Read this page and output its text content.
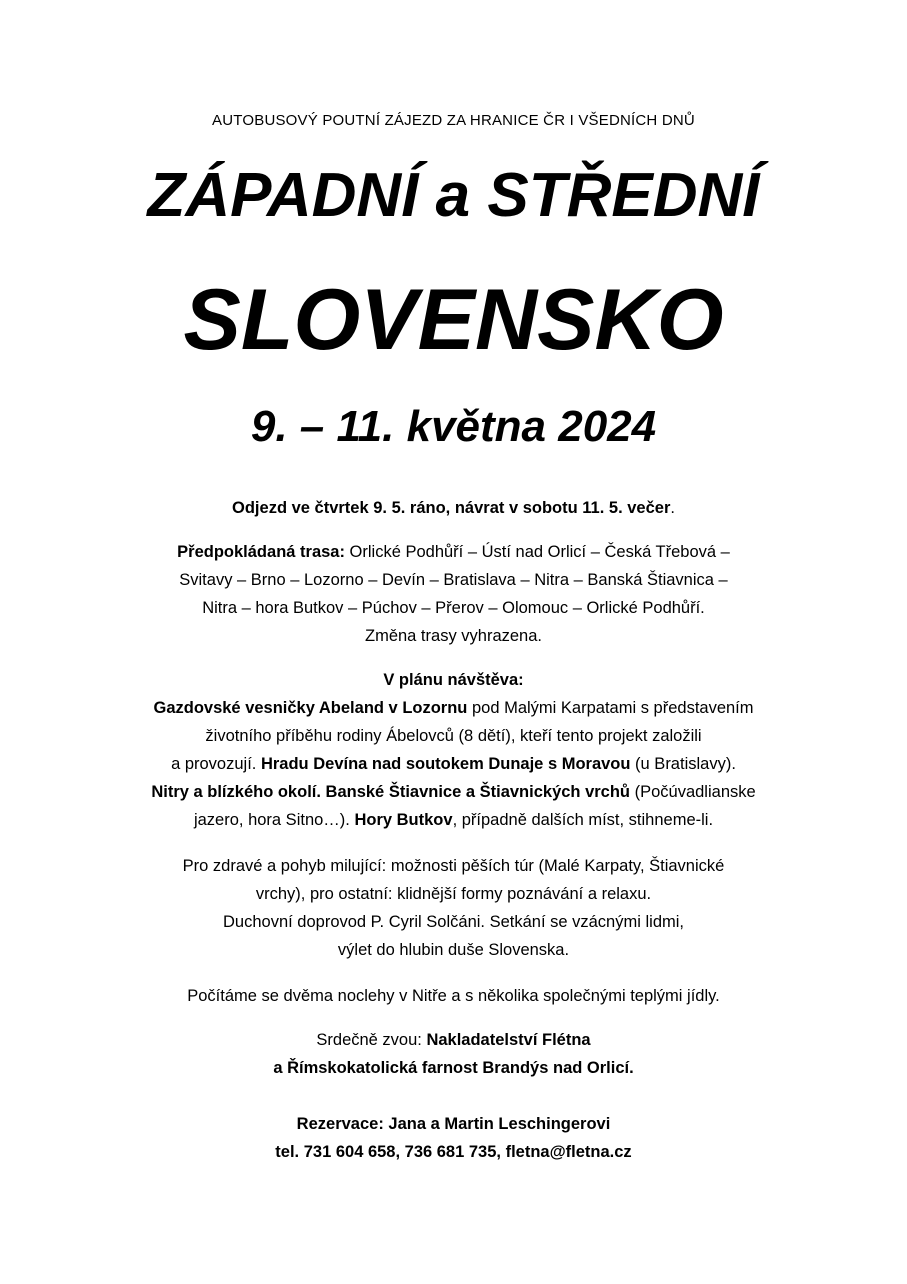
AUTOBUSOVÝ POUTNÍ ZÁJEZD ZA HRANICE ČR I VŠEDNÍCH DNŮ
ZÁPADNÍ a STŘEDNÍ
SLOVENSKO
9. – 11. května 2024
Odjezd ve čtvrtek 9. 5. ráno, návrat v sobotu 11. 5. večer.
Předpokládaná trasa: Orlické Podhůří – Ústí nad Orlicí – Česká Třebová –
Svitavy – Brno – Lozorno – Devín – Bratislava – Nitra – Banská Štiavnica –
Nitra – hora Butkov – Púchov – Přerov – Olomouc – Orlické Podhůří.
Změna trasy vyhrazena.
V plánu návštěva:
Gazdovské vesničky Abeland v Lozornu pod Malými Karpatami s představením
životního příběhu rodiny Ábelovců (8 dětí), kteří tento projekt založili
a provozují. Hradu Devína nad soutokem Dunaje s Moravou (u Bratislavy).
Nitry a blízkého okolí. Banské Štiavnice a Štiavnických vrchů (Počúvadlianske
jazero, hora Sitno…). Hory Butkov, případně dalších míst, stihneme-li.
Pro zdravé a pohyb milující: možnosti pěších túr (Malé Karpaty, Štiavnické
vrchy), pro ostatní: klidnější formy poznávání a relaxu.
Duchovní doprovod P. Cyril Solčáni. Setkání se vzácnými lidmi,
výlet do hlubin duše Slovenska.
Počítáme se dvěma noclehy v Nitře a s několika společnými teplými jídly.
Srdečně zvou: Nakladatelství Flétna
a Římskokatolická farnost Brandýs nad Orlicí.
Rezervace: Jana a Martin Leschingerovi
tel. 731 604 658, 736 681 735, fletna@fletna.cz
